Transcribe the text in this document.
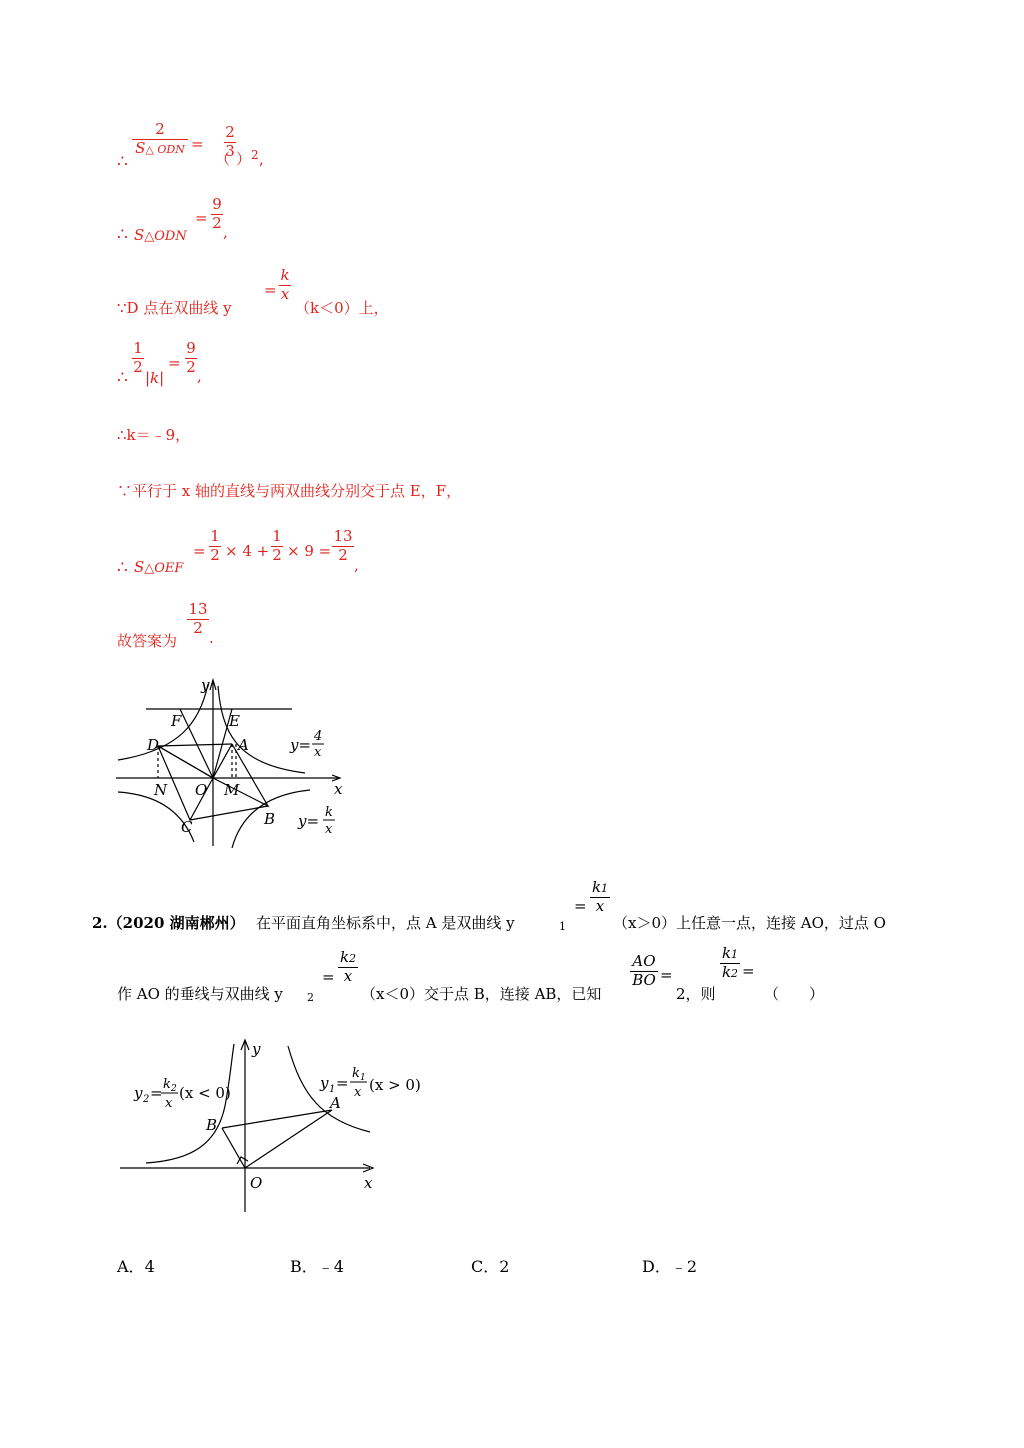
∴
2
S△ ODN =
（
2
3 ） 2 ,
∴ S△ODN
=
9
2
,
∵D 点在双曲线 y
=
k
x
（k＜0）上，
∴
1
2
|k|
=
9
2
,
∴k＝﹣9，
∵平行于 x 轴的直线与两双曲线分别交于点 E，F，
∴ S△OEF
=
1
2 × 4 +
1
2 × 9 =
13
2
,
故答案为
13
2
.
y
x
F	E
D	A
N O M
C	B
y= 4
x
y= k
x
2.（2020 湖南郴州） 在平面直角坐标系中，点 A 是双曲线 y	1
=
k1
x
（x＞0）上任意一点，连接 AO，过点 O
作 AO 的垂线与双曲线 y 2
=
k2
x
（x＜0）交于点 B，连接 AB，已知
AO
BO =
2，则
k1
k2 =
（　　）
y
x
O
A
B
y 2 = k 2
x
(x < 0)
y 1 =
k 1
x (x > 0)
A．4	B．﹣4	C．2	D．﹣2
